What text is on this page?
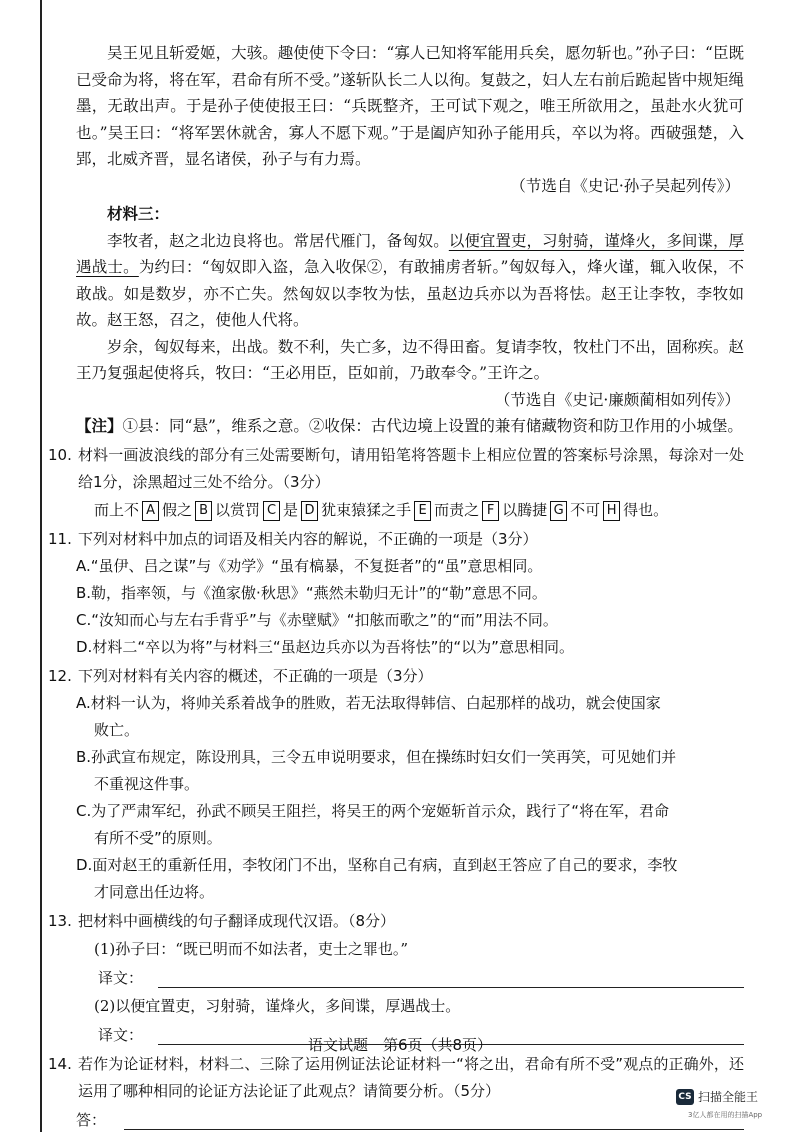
吴王见且斩爱姬，大骇。趣使使下令曰：“寡人已知将军能用兵矣，愿勿斩也。”孙子曰：“臣既已受命为将，将在军，君命有所不受。”遂斩队长二人以徇。复鼓之，妇人左右前后跪起皆中规矩绳墨，无敢出声。于是孙子使使报王曰：“兵既整齐，王可试下观之，唯王所欲用之，虽赴水火犹可也。”吴王曰：“将军罢休就舍，寡人不愿下观。”于是阖庐知孙子能用兵，卒以为将。西破强楚，入郢，北威齐晋，显名诸侯，孙子与有力焉。
（节选自《史记·孙子吴起列传》）
材料三：
李牧者，赵之北边良将也。常居代雁门，备匈奴。以便宜置吏，习射骑，谨烽火，多间谍，厚遇战士。为约曰：“匈奴即入盗，急入收保②，有敢捕虏者斩。”匈奴每入，烽火谨，辄入收保，不敢战。如是数岁，亦不亡失。然匈奴以李牧为怯，虽赵边兵亦以为吾将怯。赵王让李牧，李牧如故。赵王怒，召之，使他人代将。
岁余，匈奴每来，出战。数不利，失亡多，边不得田畜。复请李牧，牧杜门不出，固称疾。赵王乃复强起使将兵，牧曰：“王必用臣，臣如前，乃敢奉令。”王许之。
（节选自《史记·廉颇蔺相如列传》）
【注】①县：同“悬”，维系之意。②收保：古代边境上设置的兼有储藏物资和防卫作用的小城堡。
10. 材料一画波浪线的部分有三处需要断句，请用铅笔将答题卡上相应位置的答案标号涂黑，每涂对一处给1分，涂黑超过三处不给分。（3分）
而上不 A 假之 B 以赏罚 C 是 D 犹束猿猱之手 E 而责之 F 以腾捷 G 不可 H 得也。
11. 下列对材料中加点的词语及相关内容的解说，不正确的一项是（3分）
A.“虽伊、吕之谋”与《劝学》“虽有槁暴，不复挺者”的“虽”意思相同。
B.勒，指率领，与《渔家傲·秋思》“燕然未勒归无计”的“勒”意思不同。
C.“汝知而心与左右手背乎”与《赤壁赋》“扣舷而歌之”的“而”用法不同。
D.材料二“卒以为将”与材料三“虽赵边兵亦以为吾将怯”的“以为”意思相同。
12. 下列对材料有关内容的概述，不正确的一项是（3分）
A.材料一认为，将帅关系着战争的胜败，若无法取得韩信、白起那样的战功，就会使国家
败亡。
B.孙武宣布规定，陈设刑具，三令五申说明要求，但在操练时妇女们一笑再笑，可见她们并
不重视这件事。
C.为了严肃军纪，孙武不顾吴王阻拦，将吴王的两个宠姬斩首示众，践行了“将在军，君命
有所不受”的原则。
D.面对赵王的重新任用，李牧闭门不出，坚称自己有病，直到赵王答应了自己的要求，李牧
才同意出任边将。
13. 把材料中画横线的句子翻译成现代汉语。（8分）
(1)孙子曰：“既已明而不如法者，吏士之罪也。”
译文：
(2)以便宜置吏，习射骑，谨烽火，多间谍，厚遇战士。
译文：
14. 若作为论证材料，材料二、三除了运用例证法论证材料一“将之出，君命有所不受”观点的正确外，还运用了哪种相同的论证方法论证了此观点？请简要分析。（5分）
答：
语文试题　第6页（共8页）
CS 扫描全能王
3亿人都在用的扫描App
